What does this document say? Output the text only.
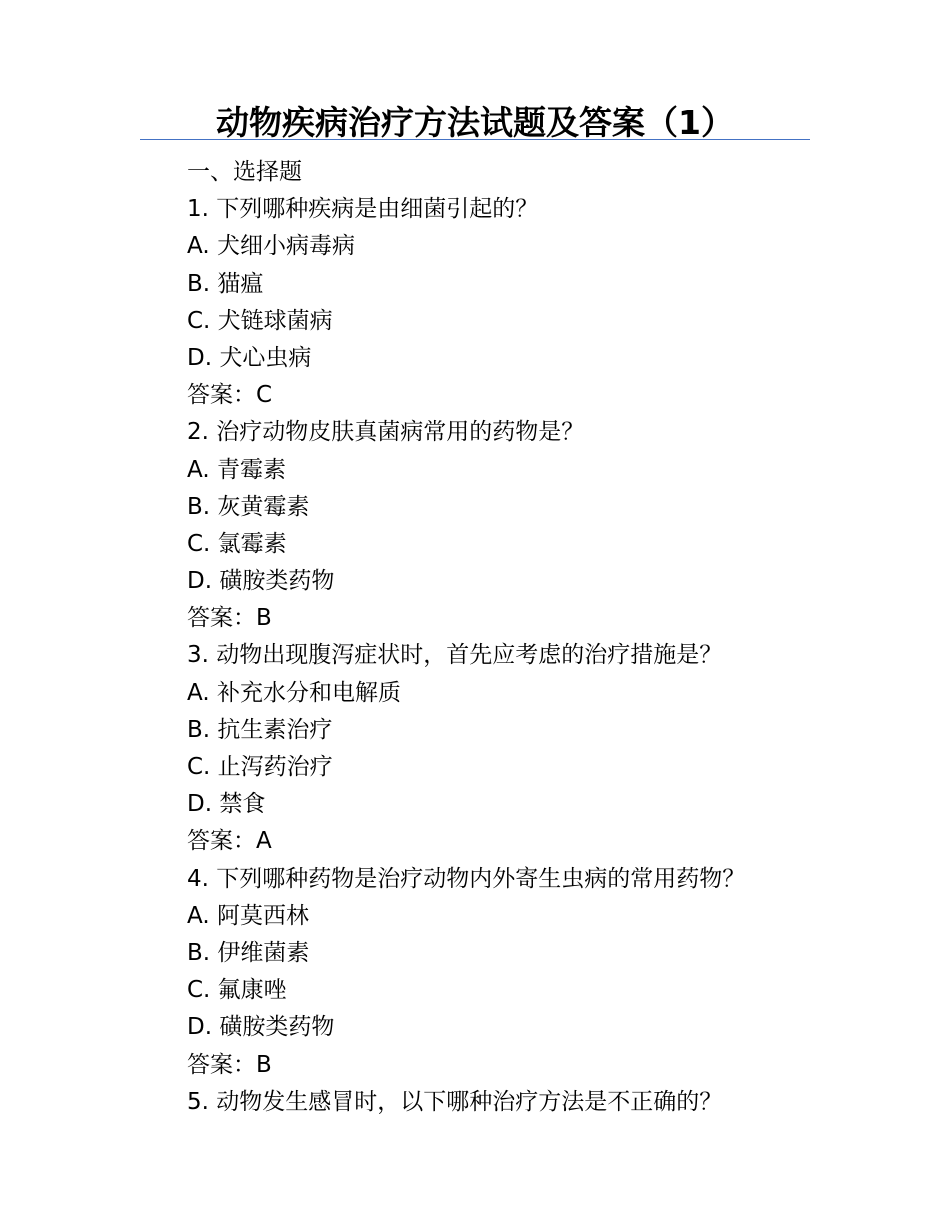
动物疾病治疗方法试题及答案（1）
一、选择题
1. 下列哪种疾病是由细菌引起的？
A. 犬细小病毒病
B. 猫瘟
C. 犬链球菌病
D. 犬心虫病
答案：C
2. 治疗动物皮肤真菌病常用的药物是？
A. 青霉素
B. 灰黄霉素
C. 氯霉素
D. 磺胺类药物
答案：B
3. 动物出现腹泻症状时，首先应考虑的治疗措施是？
A. 补充水分和电解质
B. 抗生素治疗
C. 止泻药治疗
D. 禁食
答案：A
4. 下列哪种药物是治疗动物内外寄生虫病的常用药物？
A. 阿莫西林
B. 伊维菌素
C. 氟康唑
D. 磺胺类药物
答案：B
5. 动物发生感冒时，以下哪种治疗方法是不正确的？
